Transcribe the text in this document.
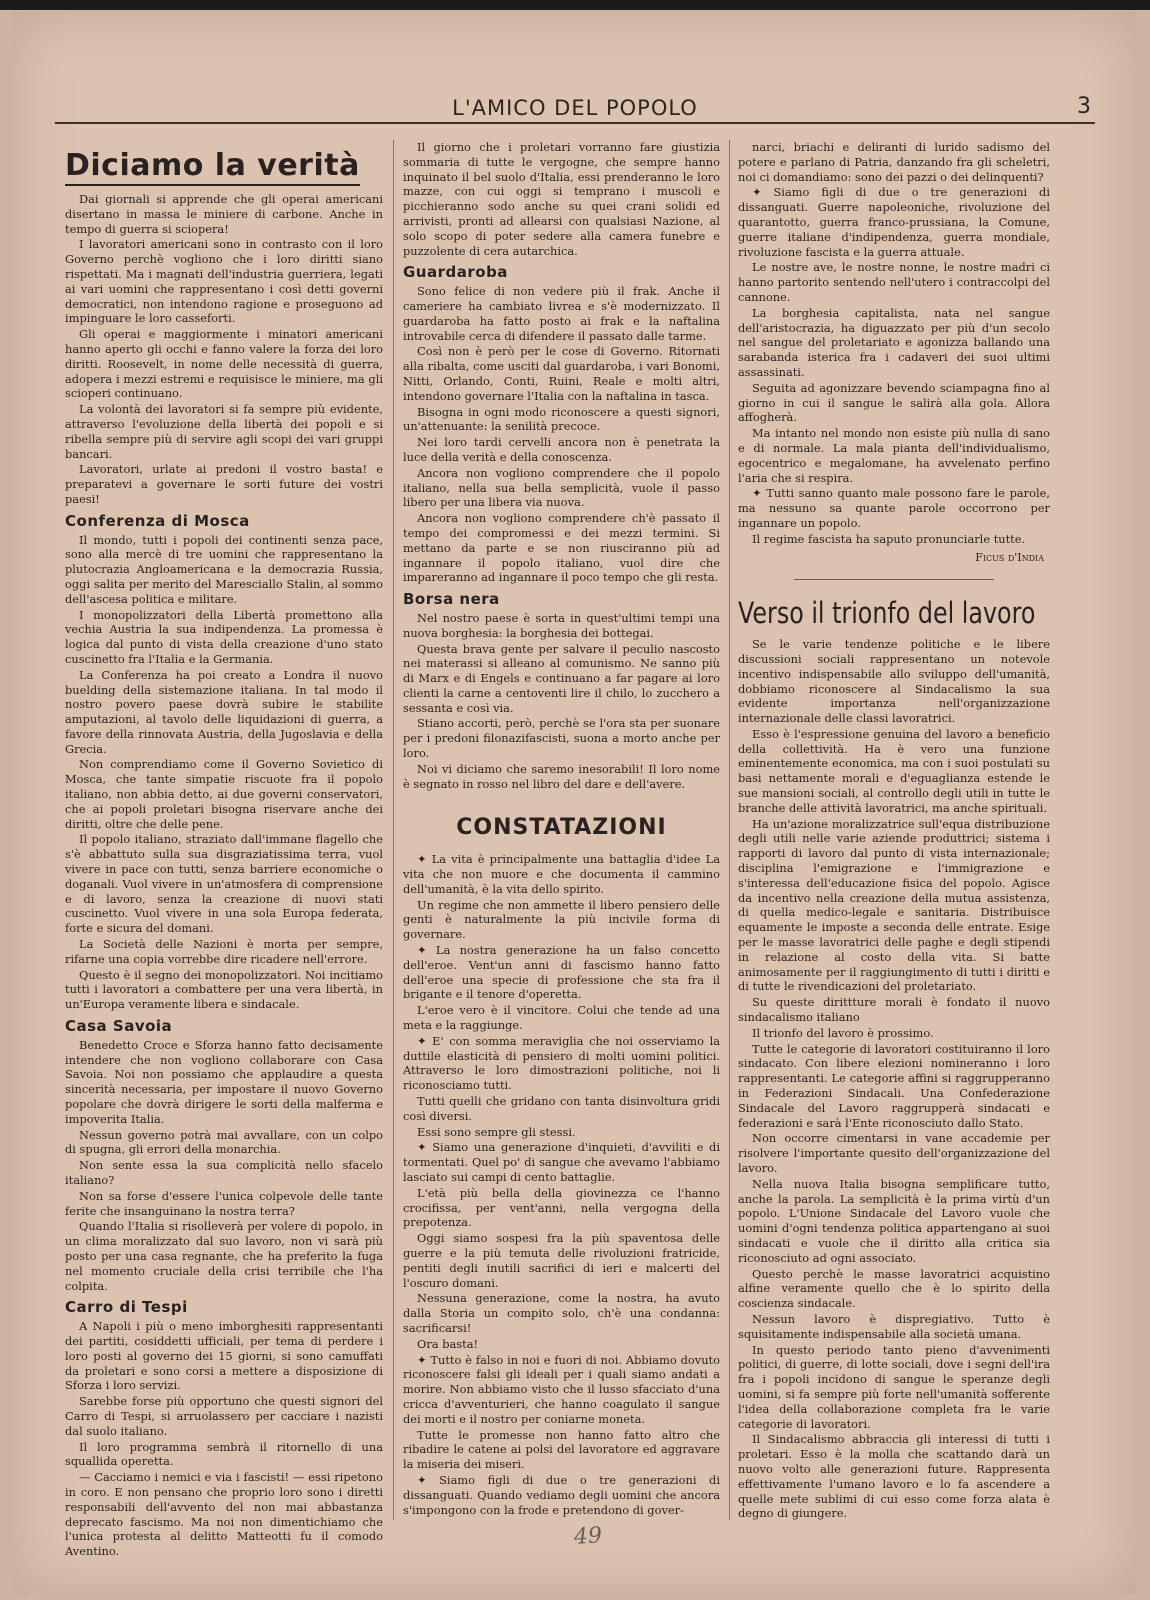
L'AMICO DEL POPOLO	3
Diciamo la verità

Dai giornali si apprende che gli operai americani disertano in massa le miniere di carbone. Anche in tempo di guerra si sciopera!

I lavoratori americani sono in contrasto con il loro Governo perchè vogliono che i loro diritti siano rispettati. Ma i magnati dell'industria guerriera, legati ai vari uomini che rappresentano i così detti governi democratici, non intendono ragione e proseguono ad impinguare le loro casseforti.

Gli operai e maggiormente i minatori americani hanno aperto gli occhi e fanno valere la forza dei loro diritti. Roosevelt, in nome delle necessità di guerra, adopera i mezzi estremi e requisisce le miniere, ma gli scioperi continuano.

La volontà dei lavoratori si fa sempre più evidente, attraverso l'evoluzione della libertà dei popoli e si ribella sempre più di servire agli scopi dei vari gruppi bancari.

Lavoratori, urlate ai predoni il vostro basta! e preparatevi a governare le sorti future dei vostri paesi!

Conferenza di Mosca

Il mondo, tutti i popoli dei continenti senza pace, sono alla mercè di tre uomini che rappresentano la plutocrazia Angloamericana e la democrazia Russia, oggi salita per merito del Maresciallo Stalin, al sommo dell'ascesa politica e militare.

I monopolizzatori della Libertà promettono alla vechia Austria la sua indipendenza. La promessa è logica dal punto di vista della creazione d'uno stato cuscinetto fra l'Italia e la Germania.

La Conferenza ha poi creato a Londra il nuovo buelding della sistemazione italiana. In tal modo il nostro povero paese dovrà subire le stabilite amputazioni, al tavolo delle liquidazioni di guerra, a favore della rinnovata Austria, della Jugoslavia e della Grecia.

Non comprendiamo come il Governo Sovietico di Mosca, che tante simpatie riscuote fra il popolo italiano, non abbia detto, ai due governi conservatori, che ai popoli proletari bisogna riservare anche dei diritti, oltre che delle pene.

Il popolo italiano, straziato dall'immane flagello che s'è abbattuto sulla sua disgraziatissima terra, vuol vivere in pace con tutti, senza barriere economiche o doganali. Vuol vivere in un'atmosfera di comprensione e di lavoro, senza la creazione di nuovi stati cuscinetto. Vuol vivere in una sola Europa federata, forte e sicura del domani.

La Società delle Nazioni è morta per sempre, rifarne una copia vorrebbe dire ricadere nell'errore.

Questo è il segno dei monopolizzatori. Noi incitiamo tutti i lavoratori a combattere per una vera libertà, in un'Europa veramente libera e sindacale.

Casa Savoia

Benedetto Croce e Sforza hanno fatto decisamente intendere che non vogliono collaborare con Casa Savoia. Noi non possiamo che applaudire a questa sincerità necessaria, per impostare il nuovo Governo popolare che dovrà dirigere le sorti della malferma e impoverita Italia.

Nessun governo potrà mai avvallare, con un colpo di spugna, gli errori della monarchia.

Non sente essa la sua complicità nello sfacelo italiano?

Non sa forse d'essere l'unica colpevole delle tante ferite che insanguinano la nostra terra?

Quando l'Italia si risolleverà per volere di popolo, in un clima moralizzato dal suo lavoro, non vi sarà più posto per una casa regnante, che ha preferito la fuga nel momento cruciale della crisi terribile che l'ha colpita.

Carro di Tespi

A Napoli i più o meno imborghesiti rappresentanti dei partiti, cosiddetti ufficiali, per tema di perdere i loro posti al governo dei 15 giorni, si sono camuffati da proletari e sono corsi a mettere a disposizione di Sforza i loro servizi.

Sarebbe forse più opportuno che questi signori del Carro di Tespi, si arruolassero per cacciare i nazisti dal suolo italiano.

Il loro programma sembrà il ritornello di una squallida operetta.

— Cacciamo i nemici e via i fascisti! — essi ripetono in coro. E non pensano che proprio loro sono i diretti responsabili dell'avvento del non mai abbastanza deprecato fascismo. Ma noi non dimentichiamo che l'unica protesta al delitto Matteotti fu il comodo Aventino.

Il giorno che i proletari vorranno fare giustizia sommaria di tutte le vergogne, che sempre hanno inquinato il bel suolo d'Italia, essi prenderanno le loro mazze, con cui oggi si temprano i muscoli e picchieranno sodo anche su quei crani solidi ed arrivisti, pronti ad allearsi con qualsiasi Nazione, al solo scopo di poter sedere alla camera funebre e puzzolente di cera autarchica.

Guardaroba

Sono felice di non vedere più il frak. Anche il cameriere ha cambiato livrea e s'è modernizzato. Il guardaroba ha fatto posto ai frak e la naftalina introvabile cerca di difendere il passato dalle tarme.

Così non è però per le cose di Governo. Ritornati alla ribalta, come usciti dal guardaroba, i vari Bonomi, Nitti, Orlando, Conti, Ruini, Reale e molti altri, intendono governare l'Italia con la naftalina in tasca.

Bisogna in ogni modo riconoscere a questi signori, un'attenuante: la senilità precoce.

Nei loro tardi cervelli ancora non è penetrata la luce della verità e della conoscenza.

Ancora non vogliono comprendere che il popolo italiano, nella sua bella semplicità, vuole il passo libero per una libera via nuova.

Ancora non vogliono comprendere ch'è passato il tempo dei compromessi e dei mezzi termini. Si mettano da parte e se non riusciranno più ad ingannare il popolo italiano, vuol dire che impareranno ad ingannare il poco tempo che gli resta.

Borsa nera

Nel nostro paese è sorta in quest'ultimi tempi una nuova borghesia: la borghesia dei bottegai.

Questa brava gente per salvare il peculio nascosto nei materassi si alleano al comunismo. Ne sanno più di Marx e di Engels e continuano a far pagare ai loro clienti la carne a centoventi lire il chilo, lo zucchero a sessanta e così via.

Stiano accorti, però, perchè se l'ora sta per suonare per i predoni filonazifascisti, suona a morto anche per loro.

Noi vi diciamo che saremo inesorabili! Il loro nome è segnato in rosso nel libro del dare e dell'avere.

CONSTATAZIONI

✦ La vita è principalmente una battaglia d'idee La vita che non muore e che documenta il cammino dell'umanità, è la vita dello spirito.

Un regime che non ammette il libero pensiero delle genti è naturalmente la più incivile forma di governare.

✦ La nostra generazione ha un falso concetto dell'eroe. Vent'un anni di fascismo hanno fatto dell'eroe una specie di professione che sta fra il brigante e il tenore d'operetta.

L'eroe vero è il vincitore. Colui che tende ad una meta e la raggiunge.

✦ E' con somma meraviglia che noi osserviamo la duttile elasticità di pensiero di molti uomini politici. Attraverso le loro dimostrazioni politiche, noi li riconosciamo tutti.

Tutti quelli che gridano con tanta disinvoltura gridi così diversi.

Essi sono sempre gli stessi.

✦ Siamo una generazione d'inquieti, d'avviliti e di tormentati. Quel po' di sangue che avevamo l'abbiamo lasciato sui campi di cento battaglie.

L'età più bella della giovinezza ce l'hanno crocifissa, per vent'anni, nella vergogna della prepotenza.

Oggi siamo sospesi fra la più spaventosa delle guerre e la più temuta delle rivoluzioni fratricide, pentiti degli inutili sacrifici di ieri e malcerti del l'oscuro domani.

Nessuna generazione, come la nostra, ha avuto dalla Storia un compito solo, ch'è una condanna: sacrificarsi!

Ora basta!

✦ Tutto è falso in noi e fuori di noi. Abbiamo dovuto riconoscere falsi gli ideali per i quali siamo andati a morire. Non abbiamo visto che il lusso sfacciato d'una cricca d'avventurieri, che hanno coagulato il sangue dei morti e il nostro per coniarne moneta.

Tutte le promesse non hanno fatto altro che ribadire le catene ai polsi del lavoratore ed aggravare la miseria dei miseri.

✦ Siamo figli di due o tre generazioni di dissanguati. Quando vediamo degli uomini che ancora s'impongono con la frode e pretendono di gover-

narci, briachi e deliranti di lurido sadismo del potere e parlano di Patria, danzando fra gli scheletri, noi ci domandiamo: sono dei pazzi o dei delinquenti?

✦ Siamo figli di due o tre generazioni di dissanguati. Guerre napoleoniche, rivoluzione del quarantotto, guerra franco-prussiana, la Comune, guerre italiane d'indipendenza, guerra mondiale, rivoluzione fascista e la guerra attuale.

Le nostre ave, le nostre nonne, le nostre madri ci hanno partorito sentendo nell'utero i contraccolpi del cannone.

La borghesia capitalista, nata nel sangue dell'aristocrazia, ha diguazzato per più d'un secolo nel sangue del proletariato e agonizza ballando una sarabanda isterica fra i cadaveri dei suoi ultimi assassinati.

Seguita ad agonizzare bevendo sciampagna fino al giorno in cui il sangue le salirà alla gola. Allora affogherà.

Ma intanto nel mondo non esiste più nulla di sano e di normale. La mala pianta dell'individualismo, egocentrico e megalomane, ha avvelenato perfino l'aria che si respira.

✦ Tutti sanno quanto male possono fare le parole, ma nessuno sa quante parole occorrono per ingannare un popolo.

Il regime fascista ha saputo pronunciarle tutte.

Ficus d'India
Verso il trionfo del lavoro

Se le varie tendenze politiche e le libere discussioni sociali rappresentano un notevole incentivo indispensabile allo sviluppo dell'umanità, dobbiamo riconoscere al Sindacalismo la sua evidente importanza nell'organizzazione internazionale delle classi lavoratrici.

Esso è l'espressione genuina del lavoro a beneficio della collettività. Ha è vero una funzione eminentemente economica, ma con i suoi postulati su basi nettamente morali e d'eguaglianza estende le sue mansioni sociali, al controllo degli utili in tutte le branche delle attività lavoratrici, ma anche spirituali.

Ha un'azione moralizzatrice sull'equa distribuzione degli utili nelle varie aziende produttrici; sistema i rapporti di lavoro dal punto di vista internazionale; disciplina l'emigrazione e l'immigrazione e s'interessa dell'educazione fisica del popolo. Agisce da incentivo nella creazione della mutua assistenza, di quella medico-legale e sanitaria. Distribuisce equamente le imposte a seconda delle entrate. Esige per le masse lavoratrici delle paghe e degli stipendi in relazione al costo della vita. Si batte animosamente per il raggiungimento di tutti i diritti e di tutte le rivendicazioni del proletariato.

Su queste dirittture morali è fondato il nuovo sindacalismo italiano

Il trionfo del lavoro è prossimo.

Tutte le categorie di lavoratori costituiranno il loro sindacato. Con libere elezioni nomineranno i loro rappresentanti. Le categorie affini si raggrupperanno in Federazioni Sindacali. Una Confederazione Sindacale del Lavoro raggrupperà sindacati e federazioni e sarà l'Ente riconosciuto dallo Stato.

Non occorre cimentarsi in vane accademie per risolvere l'importante quesito dell'organizzazione del lavoro.

Nella nuova Italia bisogna semplificare tutto, anche la parola. La semplicità è la prima virtù d'un popolo. L'Unione Sindacale del Lavoro vuole che uomini d'ogni tendenza politica appartengano ai suoi sindacati e vuole che il diritto alla critica sia riconosciuto ad ogni associato.

Questo perchè le masse lavoratrici acquistino alfine veramente quello che è lo spirito della coscienza sindacale.

Nessun lavoro è dispregiativo. Tutto è squisitamente indispensabile alla società umana.

In questo periodo tanto pieno d'avvenimenti politici, di guerre, di lotte sociali, dove i segni dell'ira fra i popoli incidono di sangue le speranze degli uomini, si fa sempre più forte nell'umanità sofferente l'idea della collaborazione completa fra le varie categorie di lavoratori.

Il Sindacalismo abbraccia gli interessi di tutti i proletari. Esso è la molla che scattando darà un nuovo volto alle generazioni future. Rappresenta effettivamente l'umano lavoro e lo fa ascendere a quelle mete sublimi di cui esso come forza alata è degno di giungere.

49
